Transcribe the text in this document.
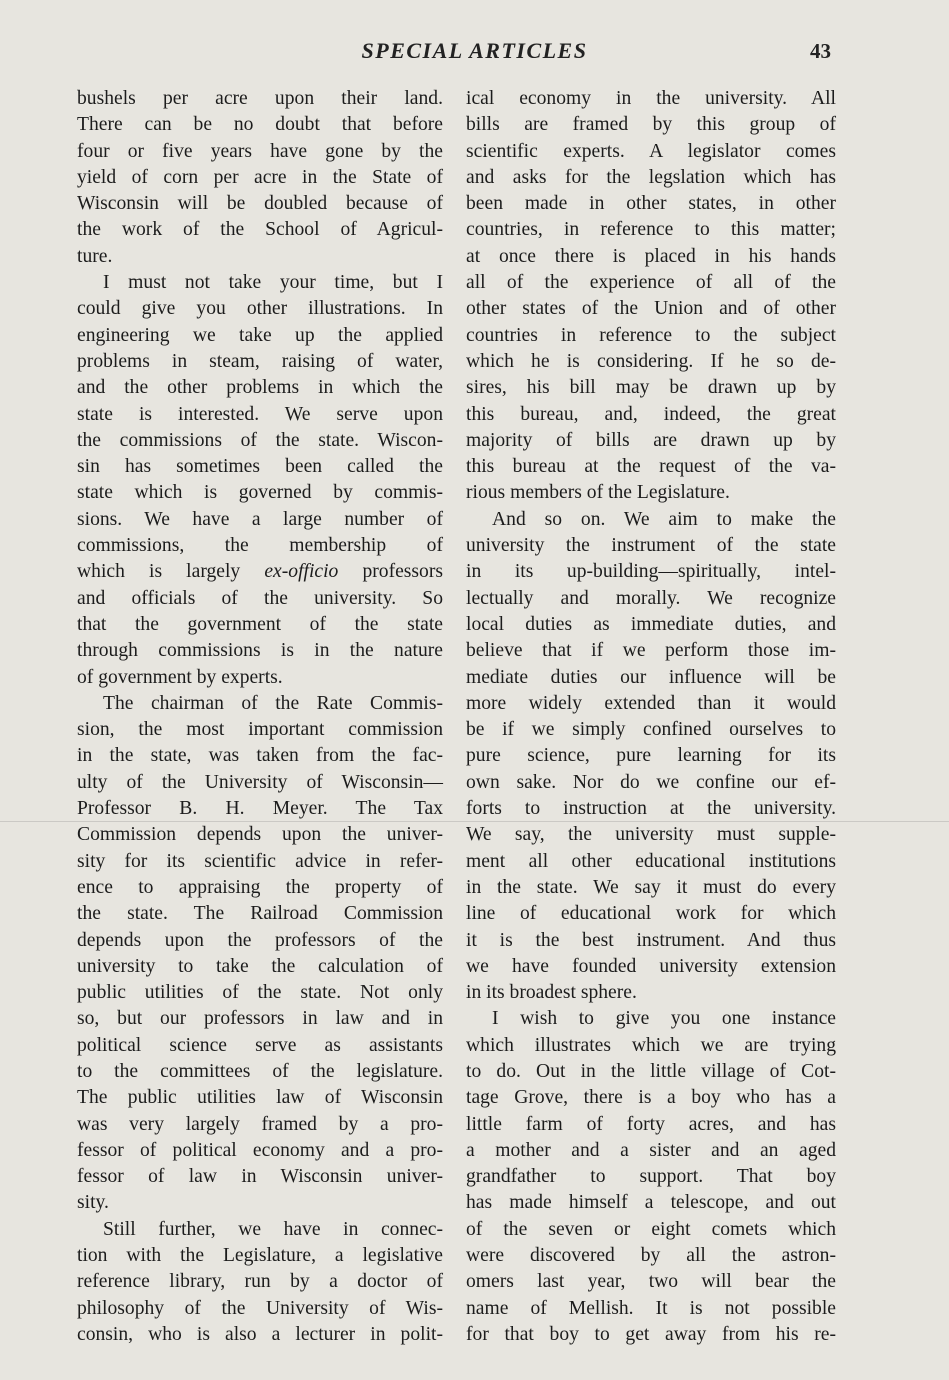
SPECIAL ARTICLES	43
bushels per acre upon their land.
There can be no doubt that before
four or five years have gone by the
yield of corn per acre in the State of
Wisconsin will be doubled because of
the work of the School of Agricul-
ture.
I must not take your time, but I
could give you other illustrations. In
engineering we take up the applied
problems in steam, raising of water,
and the other problems in which the
state is interested. We serve upon
the commissions of the state. Wiscon-
sin has sometimes been called the
state which is governed by commis-
sions. We have a large number of
commissions, the membership of
which is largely ex-officio professors
and officials of the university. So
that the government of the state
through commissions is in the nature
of government by experts.
The chairman of the Rate Commis-
sion, the most important commission
in the state, was taken from the fac-
ulty of the University of Wisconsin—
Professor B. H. Meyer. The Tax
Commission depends upon the univer-
sity for its scientific advice in refer-
ence to appraising the property of
the state. The Railroad Commission
depends upon the professors of the
university to take the calculation of
public utilities of the state. Not only
so, but our professors in law and in
political science serve as assistants
to the committees of the legislature.
The public utilities law of Wisconsin
was very largely framed by a pro-
fessor of political economy and a pro-
fessor of law in Wisconsin univer-
sity.
Still further, we have in connec-
tion with the Legislature, a legislative
reference library, run by a doctor of
philosophy of the University of Wis-
consin, who is also a lecturer in polit-
ical economy in the university. All
bills are framed by this group of
scientific experts. A legislator comes
and asks for the legslation which has
been made in other states, in other
countries, in reference to this matter;
at once there is placed in his hands
all of the experience of all of the
other states of the Union and of other
countries in reference to the subject
which he is considering. If he so de-
sires, his bill may be drawn up by
this bureau, and, indeed, the great
majority of bills are drawn up by
this bureau at the request of the va-
rious members of the Legislature.
And so on. We aim to make the
university the instrument of the state
in its up-building—spiritually, intel-
lectually and morally. We recognize
local duties as immediate duties, and
believe that if we perform those im-
mediate duties our influence will be
more widely extended than it would
be if we simply confined ourselves to
pure science, pure learning for its
own sake. Nor do we confine our ef-
forts to instruction at the university.
We say, the university must supple-
ment all other educational institutions
in the state. We say it must do every
line of educational work for which
it is the best instrument. And thus
we have founded university extension
in its broadest sphere.
I wish to give you one instance
which illustrates which we are trying
to do. Out in the little village of Cot-
tage Grove, there is a boy who has a
little farm of forty acres, and has
a mother and a sister and an aged
grandfather to support. That boy
has made himself a telescope, and out
of the seven or eight comets which
were discovered by all the astron-
omers last year, two will bear the
name of Mellish. It is not possible
for that boy to get away from his re-
